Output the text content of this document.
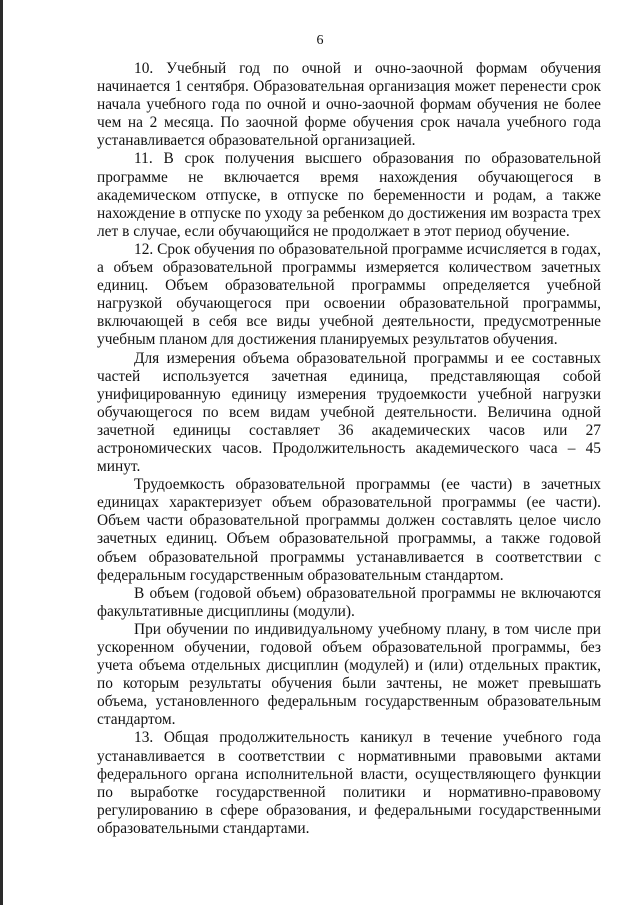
6

10. Учебный год по очной и очно-заочной формам обучения начинается 1 сентября. Образовательная организация может перенести срок начала учебного года по очной и очно-заочной формам обучения не более чем на 2 месяца. По заочной форме обучения срок начала учебного года устанавливается образовательной организацией.

11. В срок получения высшего образования по образовательной программе не включается время нахождения обучающегося в академическом отпуске, в отпуске по беременности и родам, а также нахождение в отпуске по уходу за ребенком до достижения им возраста трех лет в случае, если обучающийся не продолжает в этот период обучение.

12. Срок обучения по образовательной программе исчисляется в годах, а объем образовательной программы измеряется количеством зачетных единиц. Объем образовательной программы определяется учебной нагрузкой обучающегося при освоении образовательной программы, включающей в себя все виды учебной деятельности, предусмотренные учебным планом для достижения планируемых результатов обучения.

Для измерения объема образовательной программы и ее составных частей используется зачетная единица, представляющая собой унифицированную единицу измерения трудоемкости учебной нагрузки обучающегося по всем видам учебной деятельности. Величина одной зачетной единицы составляет 36 академических часов или 27 астрономических часов. Продолжительность академического часа – 45 минут.

Трудоемкость образовательной программы (ее части) в зачетных единицах характеризует объем образовательной программы (ее части). Объем части образовательной программы должен составлять целое число зачетных единиц. Объем образовательной программы, а также годовой объем образовательной программы устанавливается в соответствии с федеральным государственным образовательным стандартом.

В объем (годовой объем) образовательной программы не включаются факультативные дисциплины (модули).

При обучении по индивидуальному учебному плану, в том числе при ускоренном обучении, годовой объем образовательной программы, без учета объема отдельных дисциплин (модулей) и (или) отдельных практик, по которым результаты обучения были зачтены, не может превышать объема, установленного федеральным государственным образовательным стандартом.

13. Общая продолжительность каникул в течение учебного года устанавливается в соответствии с нормативными правовыми актами федерального органа исполнительной власти, осуществляющего функции по выработке государственной политики и нормативно-правовому регулированию в сфере образования, и федеральными государственными образовательными стандартами.
